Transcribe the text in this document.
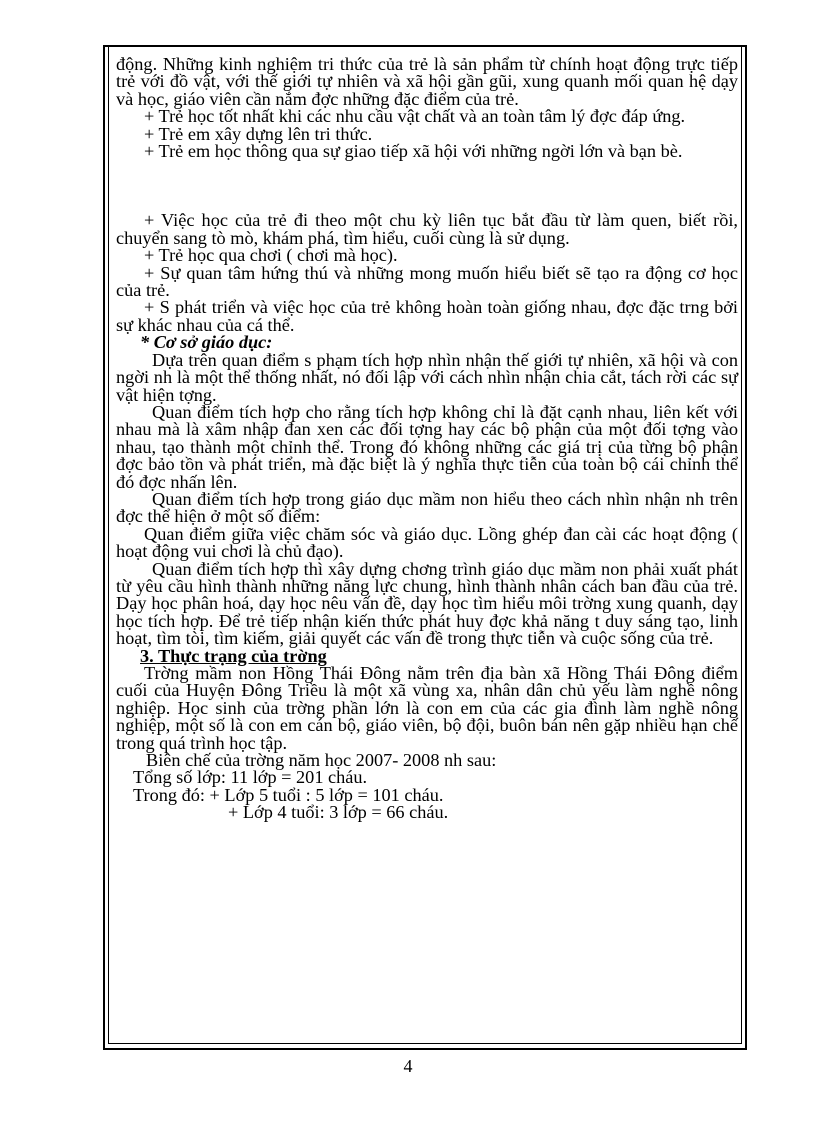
động. Những kinh nghiệm tri thức của trẻ là sản phẩm từ chính hoạt động trực tiếp trẻ với đồ vật, với thế giới tự nhiên và xã hội gần gũi, xung quanh mối quan hệ dạy và học, giáo viên cần nắm đợc những đặc điểm của trẻ.

+ Trẻ học tốt nhất khi các nhu cầu vật chất và an toàn tâm lý đợc đáp ứng.

+ Trẻ em xây dựng lên tri thức.

+ Trẻ em học thông qua sự giao tiếp xã hội với những ngời lớn và bạn bè.

+ Việc học của trẻ đi theo một chu kỳ liên tục bắt đầu từ làm quen, biết rồi, chuyển sang tò mò, khám phá, tìm hiểu, cuối cùng là sử dụng.

+ Trẻ học qua chơi ( chơi mà học).

+ Sự quan tâm hứng thú và những mong muốn hiểu biết sẽ tạo ra động cơ học của trẻ.

+ S phát triển và việc học của trẻ không hoàn toàn giống nhau, đợc đặc trng bởi sự khác nhau của cá thể.

* Cơ sở giáo dục:

Dựa trên quan điểm s phạm tích hợp nhìn nhận thế giới tự nhiên, xã hội và con ngời nh là một thể thống nhất, nó đối lập với cách nhìn nhận chia cắt, tách rời các sự vật hiện tợng.

Quan điểm tích hợp cho rằng tích hợp không chỉ là đặt cạnh nhau, liên kết với nhau mà là xâm nhập đan xen các đối tợng hay các bộ phận của một đối tợng vào nhau, tạo thành một chỉnh thể. Trong đó không những các giá trị của từng bộ phận đợc bảo tồn và phát triển, mà đặc biệt là ý nghĩa thực tiễn của toàn bộ cái chỉnh thể đó đợc nhấn lên.

Quan điểm tích hợp trong giáo dục mầm non hiểu theo cách nhìn nhận nh trên đợc thể hiện ở một số điểm:

Quan điểm giữa việc chăm sóc và giáo dục. Lồng ghép đan cài các hoạt động ( hoạt động vui chơi là chủ đạo).

Quan điểm tích hợp thì xây dựng chơng trình giáo dục mầm non phải xuất phát từ yêu cầu hình thành những năng lực chung, hình thành nhân cách ban đầu của trẻ. Dạy học phân hoá, dạy học nêu vấn đề, dạy học tìm hiểu môi trờng xung quanh, dạy học tích hợp. Để trẻ tiếp nhận kiến thức phát huy đợc khả năng t duy sáng tạo, linh hoạt, tìm tòi, tìm kiếm, giải quyết các vấn đề trong thực tiễn và cuộc sống của trẻ.

3. Thực trạng của trờng

Trờng mầm non Hồng Thái Đông nằm trên địa bàn xã Hồng Thái Đông điểm cuối của Huyện Đông Triều là một xã vùng xa, nhân dân chủ yếu làm nghề nông nghiệp. Học sinh của trờng phần lớn là con em của các gia đình làm nghề nông nghiệp, một số là con em cán bộ, giáo viên, bộ đội, buôn bán nên gặp nhiều hạn chế trong quá trình học tập.

Biên chế của trờng năm học 2007- 2008 nh sau:

Tổng số lớp: 11 lớp = 201 cháu.

Trong đó: + Lớp 5 tuổi : 5 lớp = 101 cháu.

+ Lớp 4 tuổi: 3 lớp = 66 cháu.

4
